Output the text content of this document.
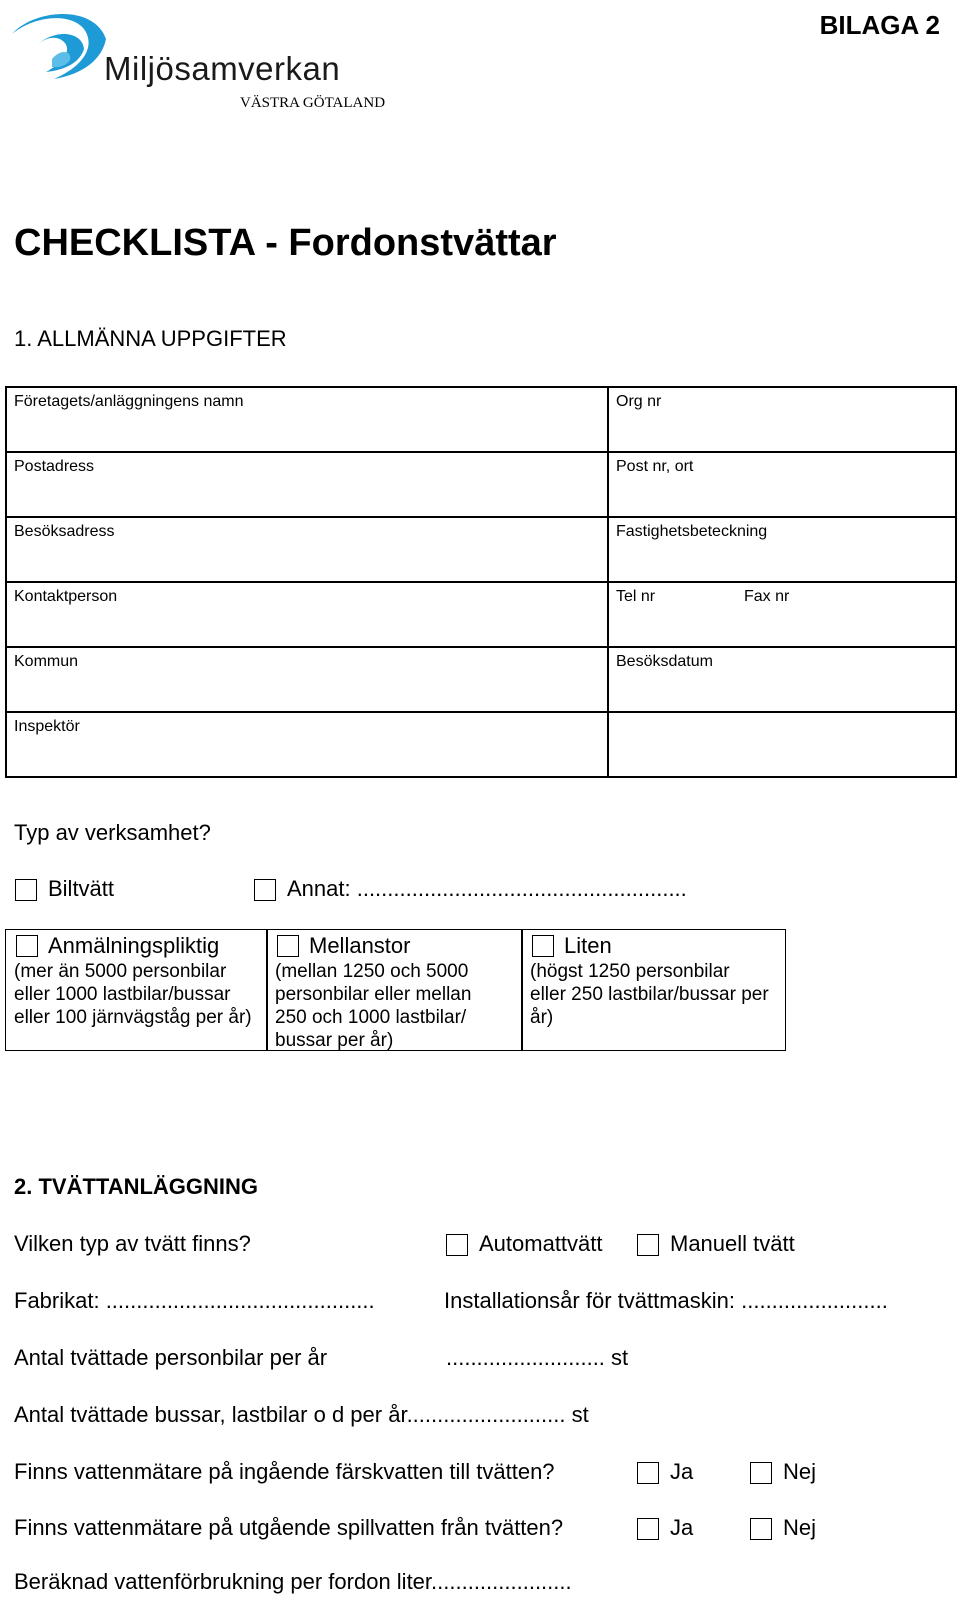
Miljösamverkan
VÄSTRA GÖTALAND
BILAGA 2
CHECKLISTA - Fordonstvättar
1. ALLMÄNNA UPPGIFTER
Företagets/anläggningens namn	Org nr

Postadress	Post nr, ort

Besöksadress	Fastighetsbeteckning

Kontaktperson	Tel nr Fax nr

Kommun	Besöksdatum

Inspektör	

Typ av verksamhet?
Biltvätt	Annat: ......................................................
Anmälningspliktig
(mer än 5000 personbilar eller 1000 lastbilar/bussar eller 100 järnvägståg per år)
Mellanstor
(mellan 1250 och 5000 personbilar eller mellan 250 och 1000 lastbilar/ bussar per år)
Liten
(högst 1250 personbilar eller 250 lastbilar/bussar per år)
2. TVÄTTANLÄGGNING
Vilken typ av tvätt finns?	Automattvätt	Manuell tvätt
Fabrikat: ............................................	Installationsår för tvättmaskin: ........................
Antal tvättade personbilar per år	.......................... st
Antal tvättade bussar, lastbilar o d per år.......................... st
Finns vattenmätare på ingående färskvatten till tvätten?	Ja	Nej
Finns vattenmätare på utgående spillvatten från tvätten?	Ja	Nej
Beräknad vattenförbrukning per fordon liter.......................
